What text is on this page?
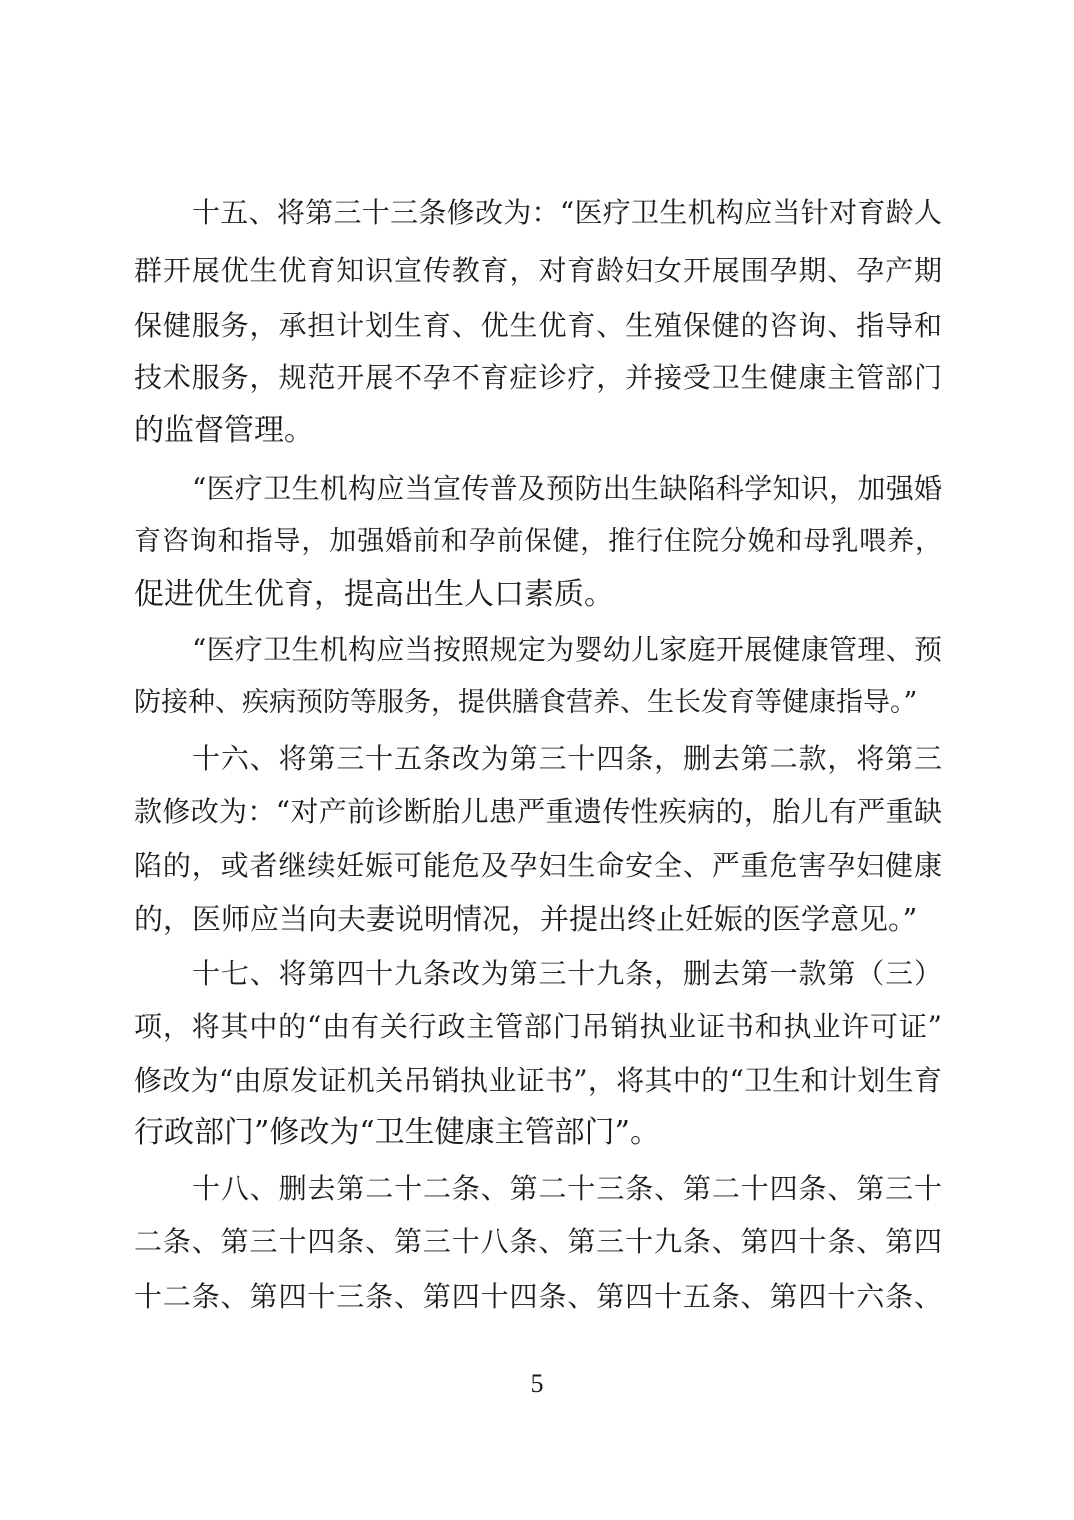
十五、将第三十三条修改为：“医疗卫生机构应当针对育龄人
群开展优生优育知识宣传教育，对育龄妇女开展围孕期、孕产期
保健服务，承担计划生育、优生优育、生殖保健的咨询、指导和
技术服务，规范开展不孕不育症诊疗，并接受卫生健康主管部门
的监督管理。
“医疗卫生机构应当宣传普及预防出生缺陷科学知识，加强婚
育咨询和指导，加强婚前和孕前保健，推行住院分娩和母乳喂养，
促进优生优育，提高出生人口素质。
“医疗卫生机构应当按照规定为婴幼儿家庭开展健康管理、预
防接种、疾病预防等服务，提供膳食营养、生长发育等健康指导。”
十六、将第三十五条改为第三十四条，删去第二款，将第三
款修改为：“对产前诊断胎儿患严重遗传性疾病的，胎儿有严重缺
陷的，或者继续妊娠可能危及孕妇生命安全、严重危害孕妇健康
的，医师应当向夫妻说明情况，并提出终止妊娠的医学意见。”
十七、将第四十九条改为第三十九条，删去第一款第（三）
项，将其中的“由有关行政主管部门吊销执业证书和执业许可证”
修改为“由原发证机关吊销执业证书”，将其中的“卫生和计划生育
行政部门”修改为“卫生健康主管部门”。
十八、删去第二十二条、第二十三条、第二十四条、第三十
二条、第三十四条、第三十八条、第三十九条、第四十条、第四
十二条、第四十三条、第四十四条、第四十五条、第四十六条、
5
